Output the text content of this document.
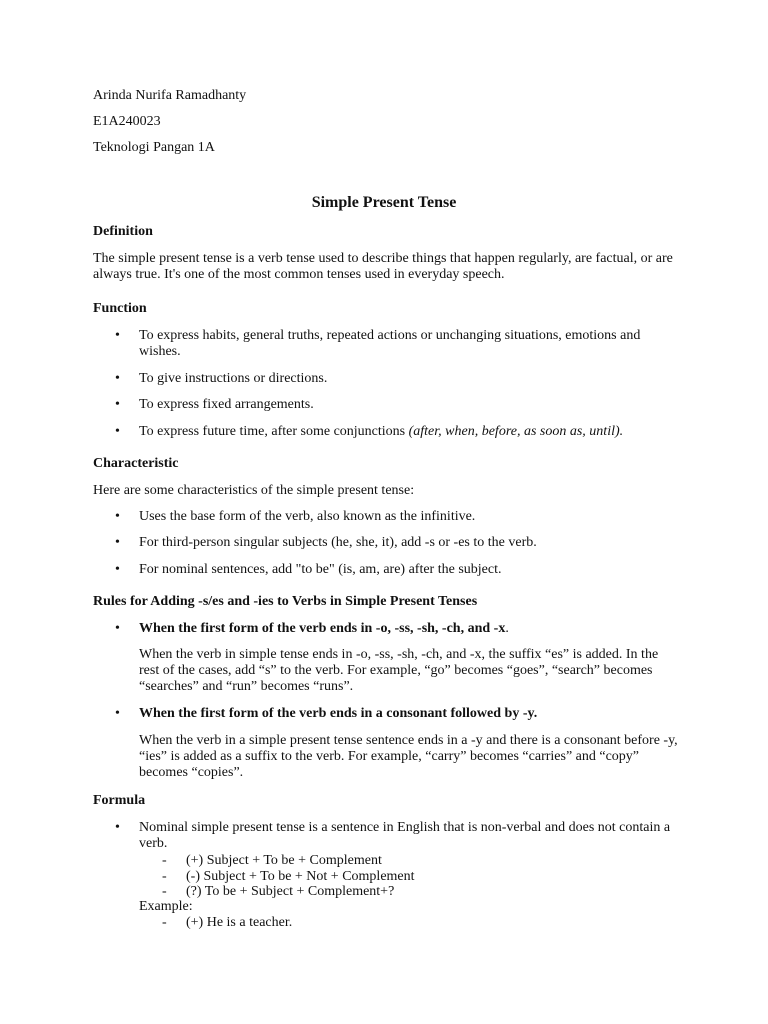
Arinda Nurifa Ramadhanty

E1A240023

Teknologi Pangan 1A

Simple Present Tense
Definition

The simple present tense is a verb tense used to describe things that happen regularly, are factual, or are always true. It's one of the most common tenses used in everyday speech.

Function
• To express habits, general truths, repeated actions or unchanging situations, emotions and wishes.

• To give instructions or directions.

• To express fixed arrangements.

• To express future time, after some conjunctions (after, when, before, as soon as, until).

Characteristic

Here are some characteristics of the simple present tense:

• Uses the base form of the verb, also known as the infinitive.

• For third-person singular subjects (he, she, it), add -s or -es to the verb.

• For nominal sentences, add "to be" (is, am, are) after the subject.

Rules for Adding -s/es and -ies to Verbs in Simple Present Tenses
• When the first form of the verb ends in -o, -ss, -sh, -ch, and -x.

When the verb in simple tense ends in -o, -ss, -sh, -ch, and -x, the suffix “es” is added. In the rest of the cases, add “s” to the verb. For example, “go” becomes “goes”, “search” becomes “searches” and “run” becomes “runs”.

• When the first form of the verb ends in a consonant followed by -y.

When the verb in a simple present tense sentence ends in a -y and there is a consonant before -y, “ies” is added as a suffix to the verb. For example, “carry” becomes “carries” and “copy” becomes “copies”.

Formula
• Nominal simple present tense is a sentence in English that is non-verbal and does not contain a verb.

- (+) Subject + To be + Complement
- (-) Subject + To be + Not + Complement
- (?) To be + Subject + Complement+?
Example:
- (+) He is a teacher.
